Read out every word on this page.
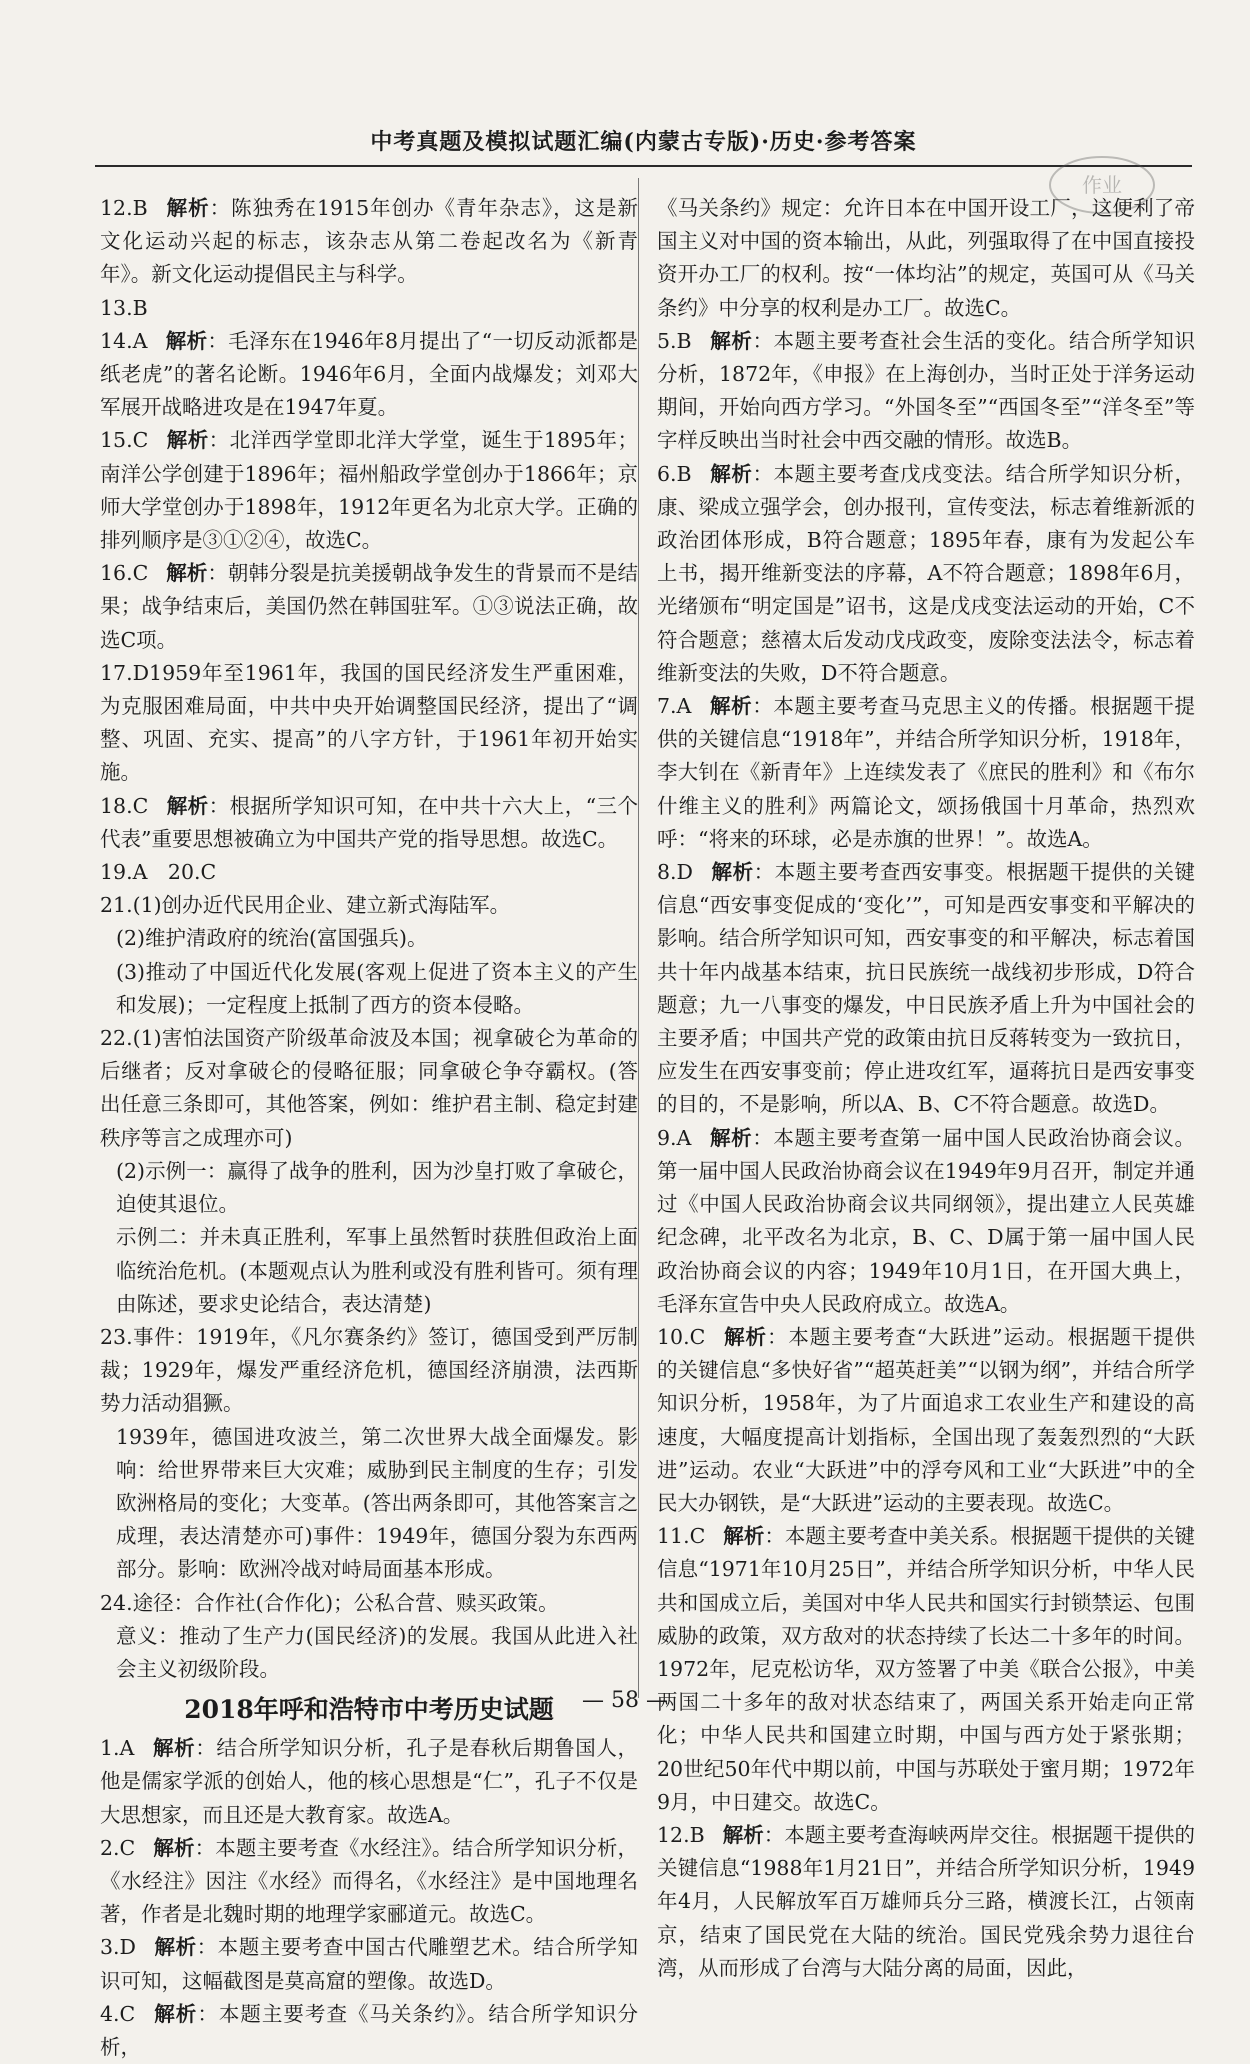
中考真题及模拟试题汇编(内蒙古专版)·历史·参考答案
作业
12.B 解析：陈独秀在1915年创办《青年杂志》，这是新文化运动兴起的标志，该杂志从第二卷起改名为《新青年》。新文化运动提倡民主与科学。
13.B
14.A 解析：毛泽东在1946年8月提出了“一切反动派都是纸老虎”的著名论断。1946年6月，全面内战爆发；刘邓大军展开战略进攻是在1947年夏。
15.C 解析：北洋西学堂即北洋大学堂，诞生于1895年；南洋公学创建于1896年；福州船政学堂创办于1866年；京师大学堂创办于1898年，1912年更名为北京大学。正确的排列顺序是③①②④，故选C。
16.C 解析：朝韩分裂是抗美援朝战争发生的背景而不是结果；战争结束后，美国仍然在韩国驻军。①③说法正确，故选C项。
17.D1959年至1961年，我国的国民经济发生严重困难，为克服困难局面，中共中央开始调整国民经济，提出了“调整、巩固、充实、提高”的八字方针，于1961年初开始实施。
18.C 解析：根据所学知识可知，在中共十六大上，“三个代表”重要思想被确立为中国共产党的指导思想。故选C。
19.A　20.C
21.(1)创办近代民用企业、建立新式海陆军。
(2)维护清政府的统治(富国强兵)。
(3)推动了中国近代化发展(客观上促进了资本主义的产生和发展)；一定程度上抵制了西方的资本侵略。
22.(1)害怕法国资产阶级革命波及本国；视拿破仑为革命的后继者；反对拿破仑的侵略征服；同拿破仑争夺霸权。(答出任意三条即可，其他答案，例如：维护君主制、稳定封建秩序等言之成理亦可)
(2)示例一：赢得了战争的胜利，因为沙皇打败了拿破仑，迫使其退位。
示例二：并未真正胜利，军事上虽然暂时获胜但政治上面临统治危机。(本题观点认为胜利或没有胜利皆可。须有理由陈述，要求史论结合，表达清楚)
23.事件：1919年，《凡尔赛条约》签订，德国受到严厉制裁；1929年，爆发严重经济危机，德国经济崩溃，法西斯势力活动猖獗。
1939年，德国进攻波兰，第二次世界大战全面爆发。影响：给世界带来巨大灾难；威胁到民主制度的生存；引发欧洲格局的变化；大变革。(答出两条即可，其他答案言之成理，表达清楚亦可)事件：1949年，德国分裂为东西两部分。影响：欧洲冷战对峙局面基本形成。
24.途径：合作社(合作化)；公私合营、赎买政策。
意义：推动了生产力(国民经济)的发展。我国从此进入社会主义初级阶段。
2018年呼和浩特市中考历史试题
1.A 解析：结合所学知识分析，孔子是春秋后期鲁国人，他是儒家学派的创始人，他的核心思想是“仁”，孔子不仅是大思想家，而且还是大教育家。故选A。
2.C 解析：本题主要考查《水经注》。结合所学知识分析，《水经注》因注《水经》而得名，《水经注》是中国地理名著，作者是北魏时期的地理学家郦道元。故选C。
3.D 解析：本题主要考查中国古代雕塑艺术。结合所学知识可知，这幅截图是莫高窟的塑像。故选D。
4.C 解析：本题主要考查《马关条约》。结合所学知识分析，
《马关条约》规定：允许日本在中国开设工厂，这便利了帝国主义对中国的资本输出，从此，列强取得了在中国直接投资开办工厂的权利。按“一体均沾”的规定，英国可从《马关条约》中分享的权利是办工厂。故选C。
5.B 解析：本题主要考查社会生活的变化。结合所学知识分析，1872年，《申报》在上海创办，当时正处于洋务运动期间，开始向西方学习。“外国冬至”“西国冬至”“洋冬至”等字样反映出当时社会中西交融的情形。故选B。
6.B 解析：本题主要考查戊戌变法。结合所学知识分析，康、梁成立强学会，创办报刊，宣传变法，标志着维新派的政治团体形成，B符合题意；1895年春，康有为发起公车上书，揭开维新变法的序幕，A不符合题意；1898年6月，光绪颁布“明定国是”诏书，这是戊戌变法运动的开始，C不符合题意；慈禧太后发动戊戌政变，废除变法法令，标志着维新变法的失败，D不符合题意。
7.A 解析：本题主要考查马克思主义的传播。根据题干提供的关键信息“1918年”，并结合所学知识分析，1918年，李大钊在《新青年》上连续发表了《庶民的胜利》和《布尔什维主义的胜利》两篇论文，颂扬俄国十月革命，热烈欢呼：“将来的环球，必是赤旗的世界！”。故选A。
8.D 解析：本题主要考查西安事变。根据题干提供的关键信息“西安事变促成的‘变化’”，可知是西安事变和平解决的影响。结合所学知识可知，西安事变的和平解决，标志着国共十年内战基本结束，抗日民族统一战线初步形成，D符合题意；九一八事变的爆发，中日民族矛盾上升为中国社会的主要矛盾；中国共产党的政策由抗日反蒋转变为一致抗日，应发生在西安事变前；停止进攻红军，逼蒋抗日是西安事变的目的，不是影响，所以A、B、C不符合题意。故选D。
9.A 解析：本题主要考查第一届中国人民政治协商会议。第一届中国人民政治协商会议在1949年9月召开，制定并通过《中国人民政治协商会议共同纲领》，提出建立人民英雄纪念碑，北平改名为北京，B、C、D属于第一届中国人民政治协商会议的内容；1949年10月1日，在开国大典上，毛泽东宣告中央人民政府成立。故选A。
10.C 解析：本题主要考查“大跃进”运动。根据题干提供的关键信息“多快好省”“超英赶美”“以钢为纲”，并结合所学知识分析，1958年，为了片面追求工农业生产和建设的高速度，大幅度提高计划指标，全国出现了轰轰烈烈的“大跃进”运动。农业“大跃进”中的浮夸风和工业“大跃进”中的全民大办钢铁，是“大跃进”运动的主要表现。故选C。
11.C 解析：本题主要考查中美关系。根据题干提供的关键信息“1971年10月25日”，并结合所学知识分析，中华人民共和国成立后，美国对中华人民共和国实行封锁禁运、包围威胁的政策，双方敌对的状态持续了长达二十多年的时间。1972年，尼克松访华，双方签署了中美《联合公报》，中美两国二十多年的敌对状态结束了，两国关系开始走向正常化；中华人民共和国建立时期，中国与西方处于紧张期；20世纪50年代中期以前，中国与苏联处于蜜月期；1972年9月，中日建交。故选C。
12.B 解析：本题主要考查海峡两岸交往。根据题干提供的关键信息“1988年1月21日”，并结合所学知识分析，1949年4月，人民解放军百万雄师兵分三路，横渡长江，占领南京，结束了国民党在大陆的统治。国民党残余势力退往台湾，从而形成了台湾与大陆分离的局面，因此，
— 58 —
